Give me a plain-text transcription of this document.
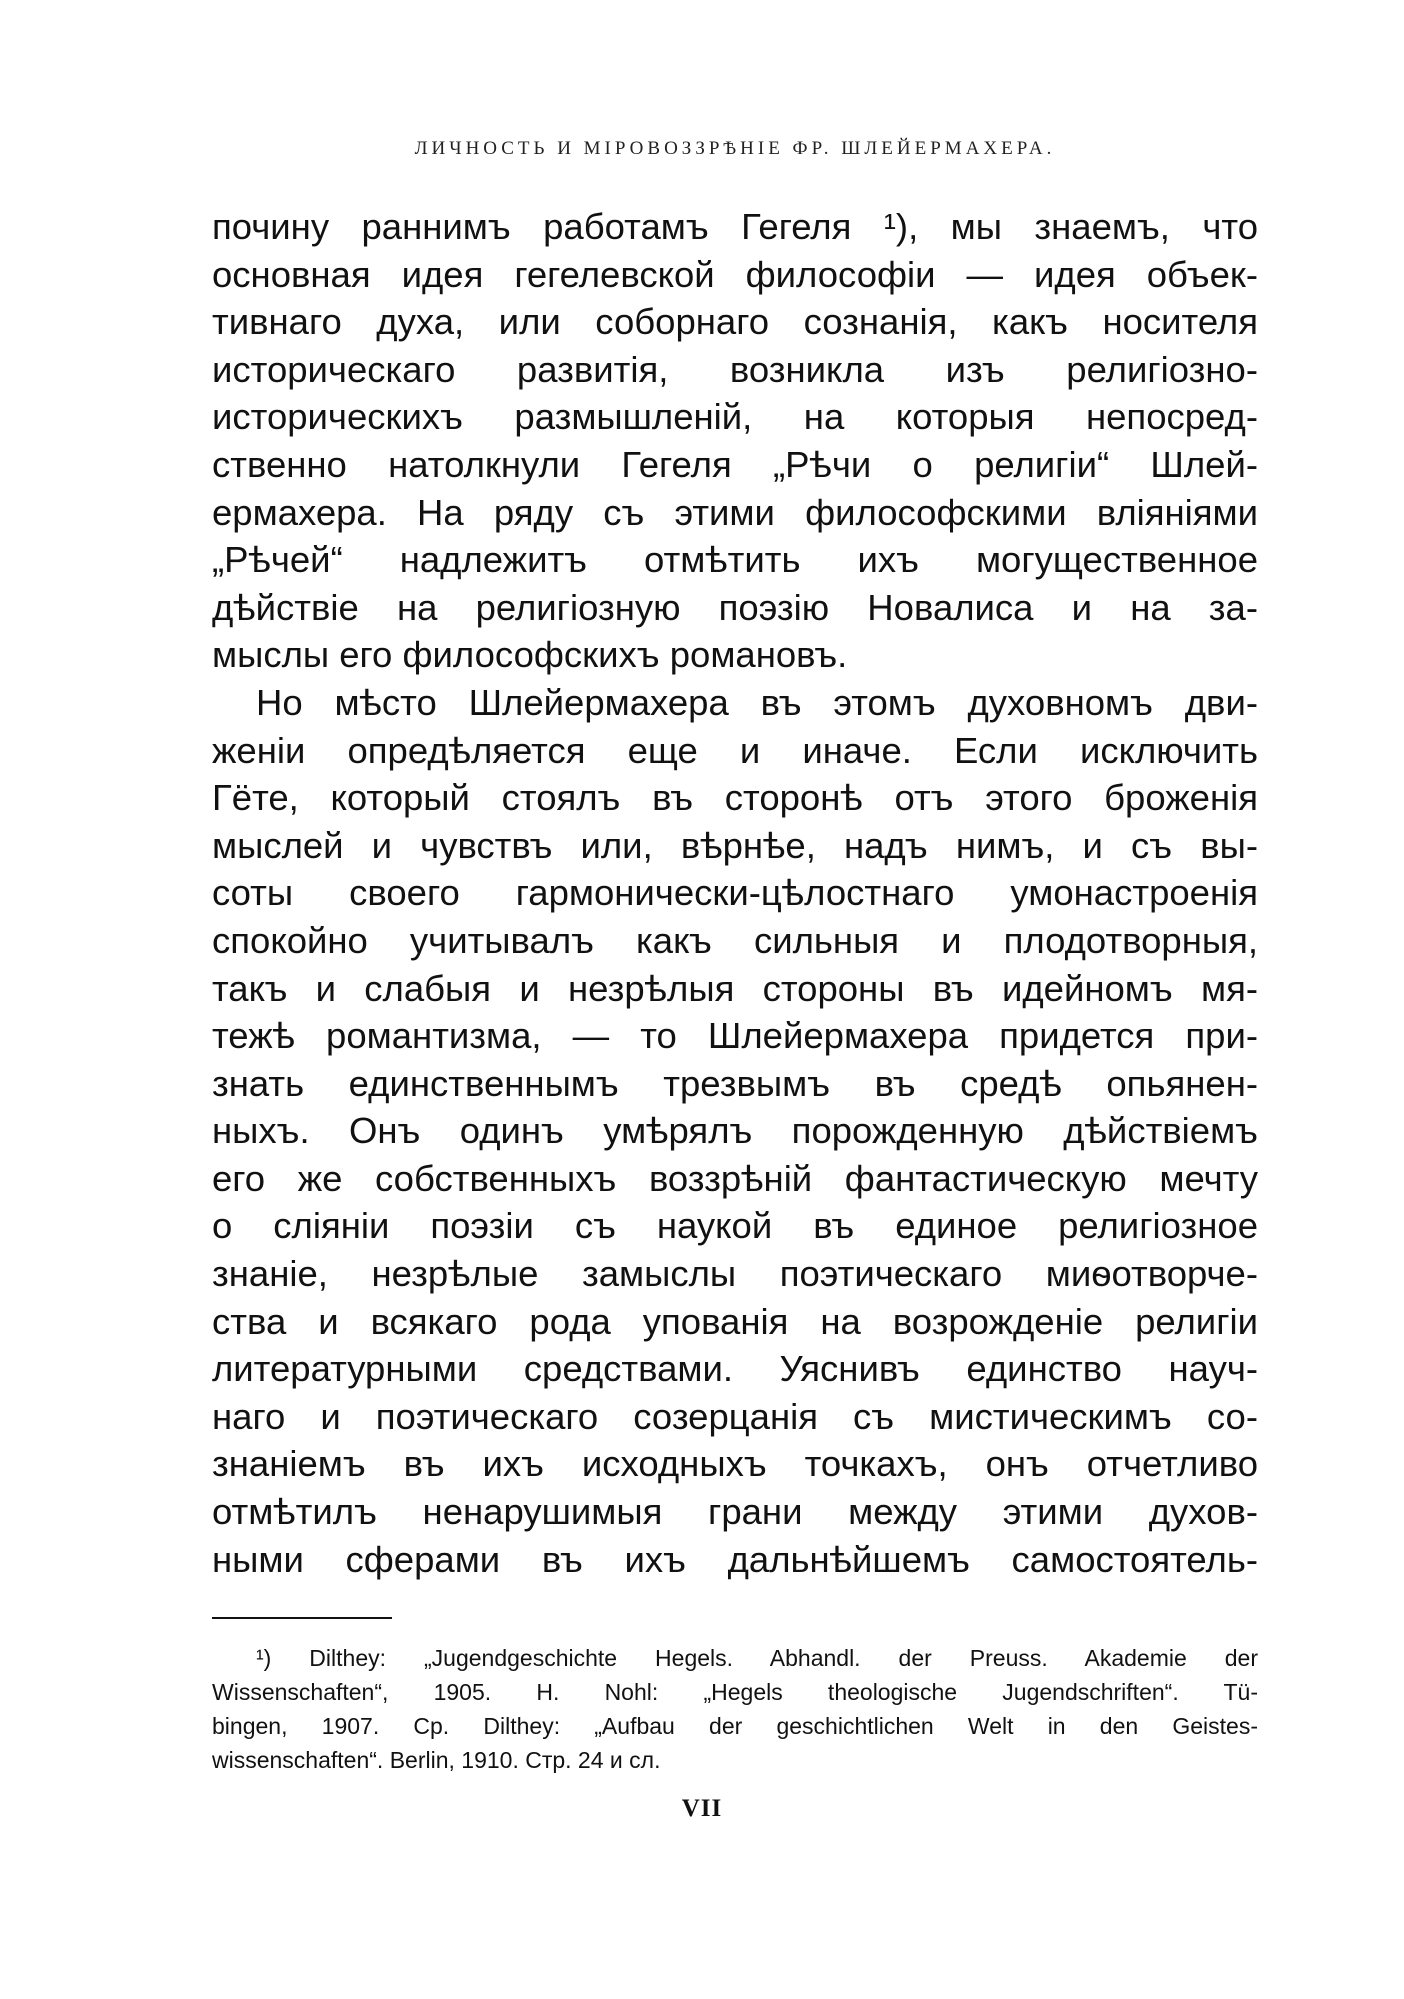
ЛИЧНОСТЬ И МІРОВОЗЗРѢНІЕ ФР. ШЛЕЙЕРМАХЕРА.
почину раннимъ работамъ Гегеля ¹), мы знаемъ, что
основная идея гегелевской философіи — идея объек-
тивнаго духа, или соборнаго сознанія, какъ носителя
историческаго развитія, возникла изъ религіозно-
историческихъ размышленій, на которыя непосред-
ственно натолкнули Гегеля „Рѣчи о религіи“ Шлей-
ермахера. На ряду съ этими философскими вліяніями
„Рѣчей“ надлежитъ отмѣтить ихъ могущественное
дѣйствіе на религіозную поэзію Новалиса и на за-
мыслы его философскихъ романовъ.
Но мѣсто Шлейермахера въ этомъ духовномъ дви-
женіи опредѣляется еще и иначе. Если исключить
Гёте, который стоялъ въ сторонѣ отъ этого броженія
мыслей и чувствъ или, вѣрнѣе, надъ нимъ, и съ вы-
соты своего гармонически-цѣлостнаго умонастроенія
спокойно учитывалъ какъ сильныя и плодотворныя,
такъ и слабыя и незрѣлыя стороны въ идейномъ мя-
тежѣ романтизма, — то Шлейермахера придется при-
знать единственнымъ трезвымъ въ средѣ опьянен-
ныхъ. Онъ одинъ умѣрялъ порожденную дѣйствіемъ
его же собственныхъ воззрѣній фантастическую мечту
о сліяніи поэзіи съ наукой въ единое религіозное
знаніе, незрѣлые замыслы поэтическаго миѳотворче-
ства и всякаго рода упованія на возрожденіе религіи
литературными средствами. Уяснивъ единство науч-
наго и поэтическаго созерцанія съ мистическимъ со-
знаніемъ въ ихъ исходныхъ точкахъ, онъ отчетливо
отмѣтилъ ненарушимыя грани между этими духов-
ными сферами въ ихъ дальнѣйшемъ самостоятель-
¹) Dilthey: „Jugendgeschichte Hegels. Abhandl. der Preuss. Akademie der
Wissenschaften“, 1905. H. Nohl: „Hegels theologische Jugendschriften“. Tü-
bingen, 1907. Ср. Dilthey: „Aufbau der geschichtlichen Welt in den Geistes-
wissenschaften“. Berlin, 1910. Стр. 24 и сл.
VII
